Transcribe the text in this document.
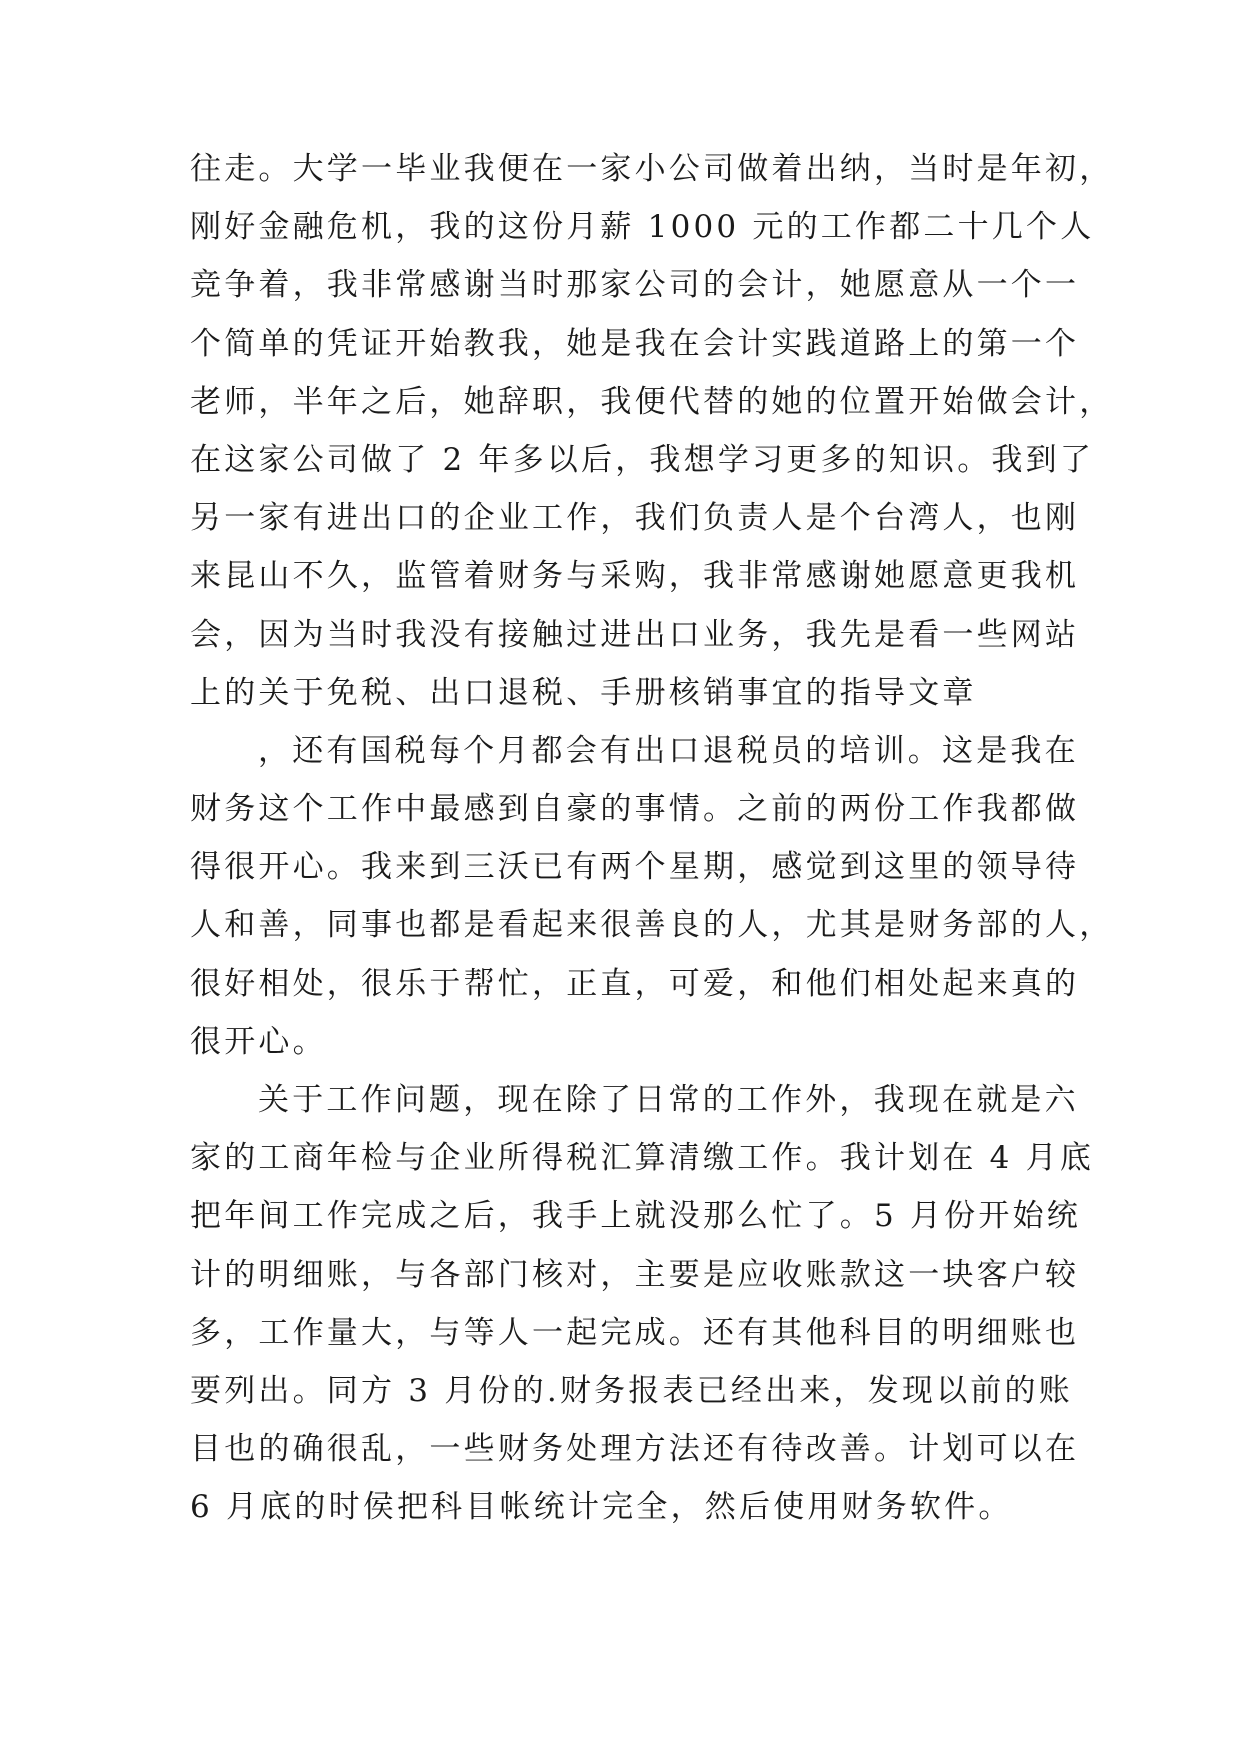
往走。大学一毕业我便在一家小公司做着出纳，当时是年初，
刚好金融危机，我的这份月薪 1000 元的工作都二十几个人
竞争着，我非常感谢当时那家公司的会计，她愿意从一个一
个简单的凭证开始教我，她是我在会计实践道路上的第一个
老师，半年之后，她辞职，我便代替的她的位置开始做会计，
在这家公司做了 2 年多以后，我想学习更多的知识。我到了
另一家有进出口的企业工作，我们负责人是个台湾人，也刚
来昆山不久，监管着财务与采购，我非常感谢她愿意更我机
会，因为当时我没有接触过进出口业务，我先是看一些网站
上的关于免税、出口退税、手册核销事宜的指导文章
，还有国税每个月都会有出口退税员的培训。这是我在
财务这个工作中最感到自豪的事情。之前的两份工作我都做
得很开心。我来到三沃已有两个星期，感觉到这里的领导待
人和善，同事也都是看起来很善良的人，尤其是财务部的人，
很好相处，很乐于帮忙，正直，可爱，和他们相处起来真的
很开心。
关于工作问题，现在除了日常的工作外，我现在就是六
家的工商年检与企业所得税汇算清缴工作。我计划在 4 月底
把年间工作完成之后，我手上就没那么忙了。5 月份开始统
计的明细账，与各部门核对，主要是应收账款这一块客户较
多，工作量大，与等人一起完成。还有其他科目的明细账也
要列出。同方 3 月份的.财务报表已经出来，发现以前的账
目也的确很乱，一些财务处理方法还有待改善。计划可以在
6 月底的时侯把科目帐统计完全，然后使用财务软件。
